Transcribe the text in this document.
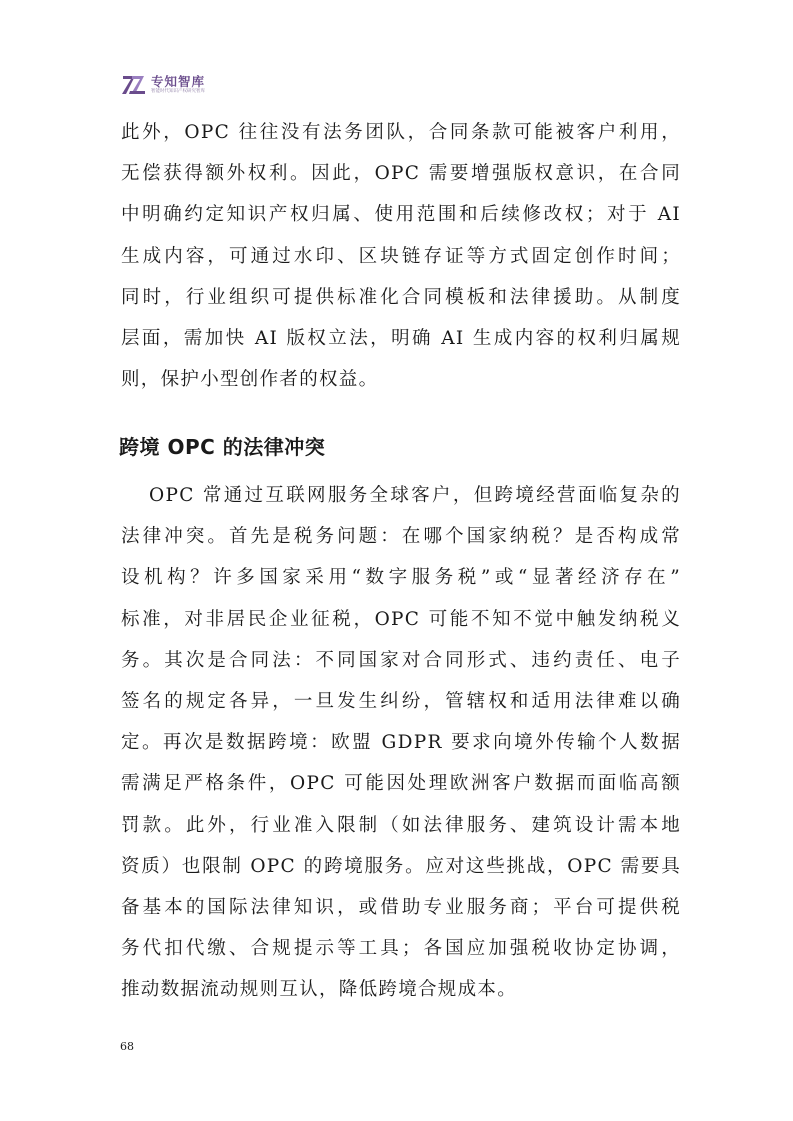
专知智库
智能时代知识产权研究智库

此外，OPC 往往没有法务团队，合同条款可能被客户利用，
无偿获得额外权利。因此，OPC 需要增强版权意识，在合同
中明确约定知识产权归属、使用范围和后续修改权；对于 AI
生成内容，可通过水印、区块链存证等方式固定创作时间；
同时，行业组织可提供标准化合同模板和法律援助。从制度
层面，需加快 AI 版权立法，明确 AI 生成内容的权利归属规
则，保护小型创作者的权益。

跨境 OPC 的法律冲突

OPC 常通过互联网服务全球客户，但跨境经营面临复杂的
法律冲突。首先是税务问题：在哪个国家纳税？是否构成常
设机构？许多国家采用“数字服务税”或“显著经济存在”
标准，对非居民企业征税，OPC 可能不知不觉中触发纳税义
务。其次是合同法：不同国家对合同形式、违约责任、电子
签名的规定各异，一旦发生纠纷，管辖权和适用法律难以确
定。再次是数据跨境：欧盟 GDPR 要求向境外传输个人数据
需满足严格条件，OPC 可能因处理欧洲客户数据而面临高额
罚款。此外，行业准入限制（如法律服务、建筑设计需本地
资质）也限制 OPC 的跨境服务。应对这些挑战，OPC 需要具
备基本的国际法律知识，或借助专业服务商；平台可提供税
务代扣代缴、合规提示等工具；各国应加强税收协定协调，
推动数据流动规则互认，降低跨境合规成本。

68
